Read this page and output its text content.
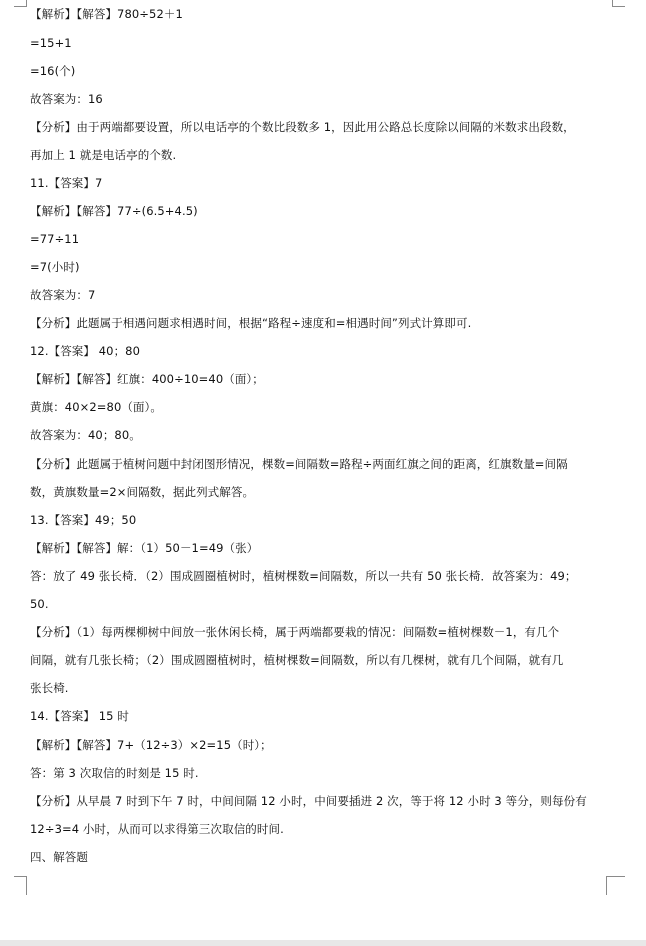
【解析】【解答】780÷52＋1
=15+1
=16(个)
故答案为：16
【分析】由于两端都要设置，所以电话亭的个数比段数多 1，因此用公路总长度除以间隔的米数求出段数，
再加上 1 就是电话亭的个数.
11.【答案】7
【解析】【解答】77÷(6.5+4.5)
=77÷11
=7(小时)
故答案为：7
【分析】此题属于相遇问题求相遇时间，根据“路程÷速度和=相遇时间”列式计算即可.
12.【答案】 40；80
【解析】【解答】红旗：400÷10=40（面）；
黄旗：40×2=80（面）。
故答案为：40；80。
【分析】此题属于植树问题中封闭图形情况，棵数=间隔数=路程÷两面红旗之间的距离，红旗数量=间隔
数，黄旗数量=2×间隔数，据此列式解答。
13.【答案】49；50
【解析】【解答】解：（1）50－1=49（张）
答：放了 49 张长椅．（2）围成圆圈植树时，植树棵数=间隔数，所以一共有 50 张长椅．故答案为：49；
50.
【分析】（1）每两棵柳树中间放一张休闲长椅，属于两端都要栽的情况：间隔数=植树棵数－1，有几个
间隔，就有几张长椅；（2）围成圆圈植树时，植树棵数=间隔数，所以有几棵树，就有几个间隔，就有几
张长椅.
14.【答案】 15 时
【解析】【解答】7+（12÷3）×2=15（时）；
答：第 3 次取信的时刻是 15 时.
【分析】从早晨 7 时到下午 7 时，中间间隔 12 小时，中间要插进 2 次，等于将 12 小时 3 等分，则每份有
12÷3=4 小时，从而可以求得第三次取信的时间.
四、解答题
